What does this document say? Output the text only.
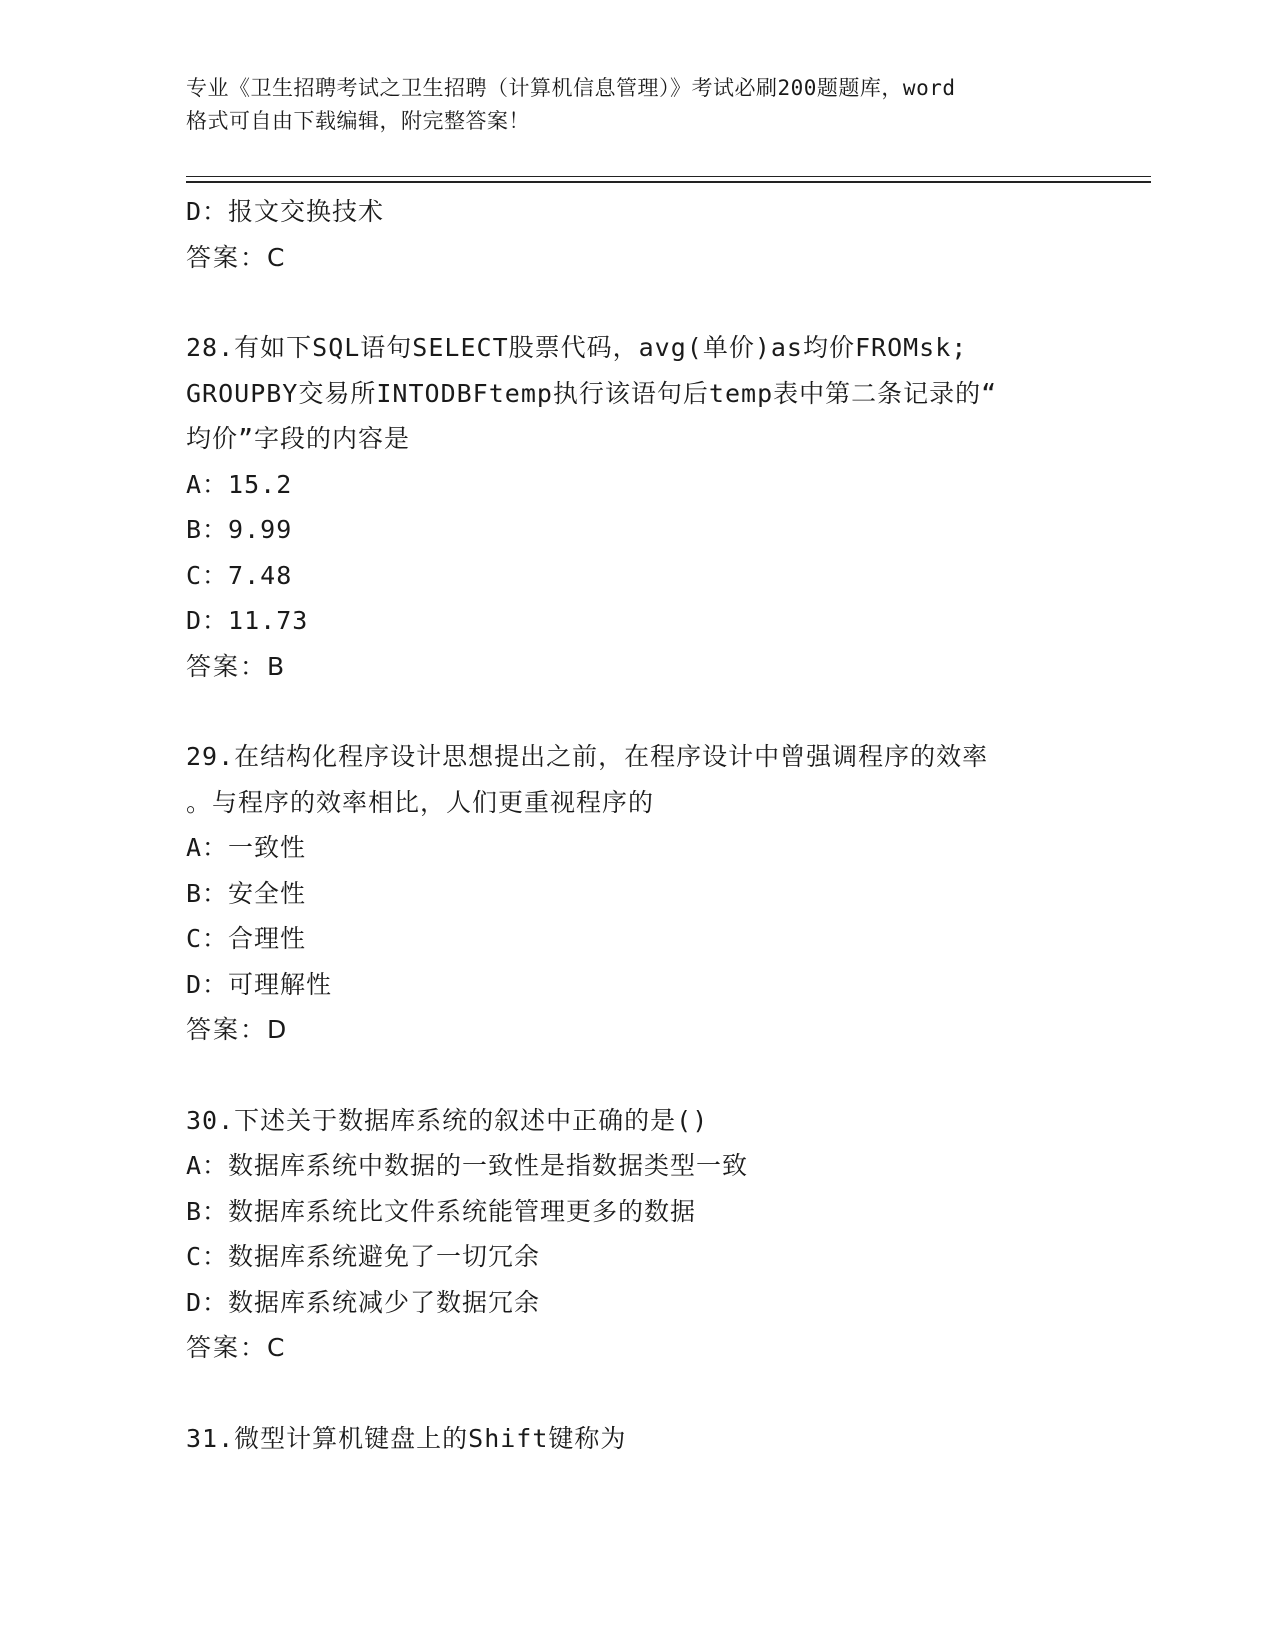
专业《卫生招聘考试之卫生招聘（计算机信息管理）》考试必刷200题题库，word
格式可自由下载编辑，附完整答案！

D：报文交换技术

答案：C

28.有如下SQL语句SELECT股票代码，avg(单价)as均价FROMsk;

GROUPBY交易所INTODBFtemp执行该语句后temp表中第二条记录的“

均价”字段的内容是

A：15.2

B：9.99

C：7.48

D：11.73

答案：B

29.在结构化程序设计思想提出之前，在程序设计中曾强调程序的效率

。与程序的效率相比，人们更重视程序的

A：一致性

B：安全性

C：合理性

D：可理解性

答案：D

30.下述关于数据库系统的叙述中正确的是()

A：数据库系统中数据的一致性是指数据类型一致

B：数据库系统比文件系统能管理更多的数据

C：数据库系统避免了一切冗余

D：数据库系统减少了数据冗余

答案：C

31.微型计算机键盘上的Shift键称为
